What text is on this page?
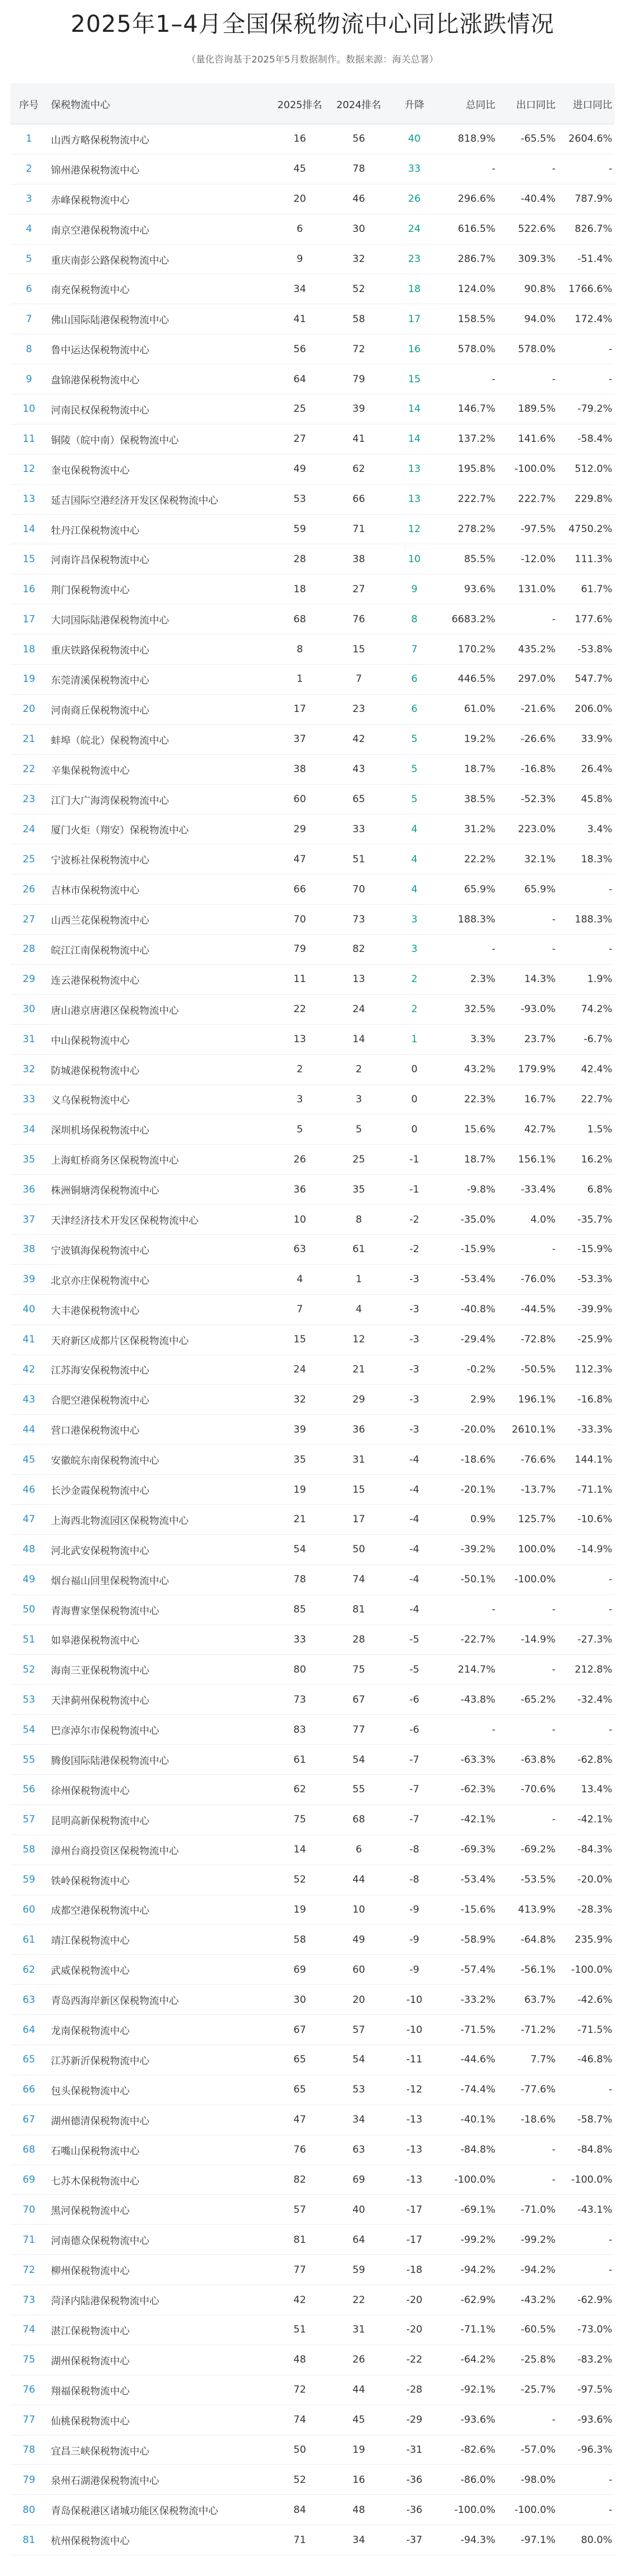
2025年1–4月全国保税物流中心同比涨跌情况
（量化咨询基于2025年5月数据制作。数据来源：海关总署）
序号	保税物流中心	2025排名	2024排名	升降	总同比	出口同比	进口同比
1	山西方略保税物流中心	16	56	40	818.9%	-65.5%	2604.6%
2	锦州港保税物流中心	45	78	33	-	-	-
3	赤峰保税物流中心	20	46	26	296.6%	-40.4%	787.9%
4	南京空港保税物流中心	6	30	24	616.5%	522.6%	826.7%
5	重庆南彭公路保税物流中心	9	32	23	286.7%	309.3%	-51.4%
6	南充保税物流中心	34	52	18	124.0%	90.8%	1766.6%
7	佛山国际陆港保税物流中心	41	58	17	158.5%	94.0%	172.4%
8	鲁中运达保税物流中心	56	72	16	578.0%	578.0%	-
9	盘锦港保税物流中心	64	79	15	-	-	-
10	河南民权保税物流中心	25	39	14	146.7%	189.5%	-79.2%
11	铜陵（皖中南）保税物流中心	27	41	14	137.2%	141.6%	-58.4%
12	奎屯保税物流中心	49	62	13	195.8%	-100.0%	512.0%
13	延吉国际空港经济开发区保税物流中心	53	66	13	222.7%	222.7%	229.8%
14	牡丹江保税物流中心	59	71	12	278.2%	-97.5%	4750.2%
15	河南许昌保税物流中心	28	38	10	85.5%	-12.0%	111.3%
16	荆门保税物流中心	18	27	9	93.6%	131.0%	61.7%
17	大同国际陆港保税物流中心	68	76	8	6683.2%	-	177.6%
18	重庆铁路保税物流中心	8	15	7	170.2%	435.2%	-53.8%
19	东莞清溪保税物流中心	1	7	6	446.5%	297.0%	547.7%
20	河南商丘保税物流中心	17	23	6	61.0%	-21.6%	206.0%
21	蚌埠（皖北）保税物流中心	37	42	5	19.2%	-26.6%	33.9%
22	辛集保税物流中心	38	43	5	18.7%	-16.8%	26.4%
23	江门大广海湾保税物流中心	60	65	5	38.5%	-52.3%	45.8%
24	厦门火炬（翔安）保税物流中心	29	33	4	31.2%	223.0%	3.4%
25	宁波栎社保税物流中心	47	51	4	22.2%	32.1%	18.3%
26	吉林市保税物流中心	66	70	4	65.9%	65.9%	-
27	山西兰花保税物流中心	70	73	3	188.3%	-	188.3%
28	皖江江南保税物流中心	79	82	3	-	-	-
29	连云港保税物流中心	11	13	2	2.3%	14.3%	1.9%
30	唐山港京唐港区保税物流中心	22	24	2	32.5%	-93.0%	74.2%
31	中山保税物流中心	13	14	1	3.3%	23.7%	-6.7%
32	防城港保税物流中心	2	2	0	43.2%	179.9%	42.4%
33	义乌保税物流中心	3	3	0	22.3%	16.7%	22.7%
34	深圳机场保税物流中心	5	5	0	15.6%	42.7%	1.5%
35	上海虹桥商务区保税物流中心	26	25	-1	18.7%	156.1%	16.2%
36	株洲铜塘湾保税物流中心	36	35	-1	-9.8%	-33.4%	6.8%
37	天津经济技术开发区保税物流中心	10	8	-2	-35.0%	4.0%	-35.7%
38	宁波镇海保税物流中心	63	61	-2	-15.9%	-	-15.9%
39	北京亦庄保税物流中心	4	1	-3	-53.4%	-76.0%	-53.3%
40	大丰港保税物流中心	7	4	-3	-40.8%	-44.5%	-39.9%
41	天府新区成都片区保税物流中心	15	12	-3	-29.4%	-72.8%	-25.9%
42	江苏海安保税物流中心	24	21	-3	-0.2%	-50.5%	112.3%
43	合肥空港保税物流中心	32	29	-3	2.9%	196.1%	-16.8%
44	营口港保税物流中心	39	36	-3	-20.0%	2610.1%	-33.3%
45	安徽皖东南保税物流中心	35	31	-4	-18.6%	-76.6%	144.1%
46	长沙金霞保税物流中心	19	15	-4	-20.1%	-13.7%	-71.1%
47	上海西北物流园区保税物流中心	21	17	-4	0.9%	125.7%	-10.6%
48	河北武安保税物流中心	54	50	-4	-39.2%	100.0%	-14.9%
49	烟台福山回里保税物流中心	78	74	-4	-50.1%	-100.0%	-
50	青海曹家堡保税物流中心	85	81	-4	-	-	-
51	如皋港保税物流中心	33	28	-5	-22.7%	-14.9%	-27.3%
52	海南三亚保税物流中心	80	75	-5	214.7%	-	212.8%
53	天津蓟州保税物流中心	73	67	-6	-43.8%	-65.2%	-32.4%
54	巴彦淖尔市保税物流中心	83	77	-6	-	-	-
55	腾俊国际陆港保税物流中心	61	54	-7	-63.3%	-63.8%	-62.8%
56	徐州保税物流中心	62	55	-7	-62.3%	-70.6%	13.4%
57	昆明高新保税物流中心	75	68	-7	-42.1%	-	-42.1%
58	漳州台商投资区保税物流中心	14	6	-8	-69.3%	-69.2%	-84.3%
59	铁岭保税物流中心	52	44	-8	-53.4%	-53.5%	-20.0%
60	成都空港保税物流中心	19	10	-9	-15.6%	413.9%	-28.3%
61	靖江保税物流中心	58	49	-9	-58.9%	-64.8%	235.9%
62	武威保税物流中心	69	60	-9	-57.4%	-56.1%	-100.0%
63	青岛西海岸新区保税物流中心	30	20	-10	-33.2%	63.7%	-42.6%
64	龙南保税物流中心	67	57	-10	-71.5%	-71.2%	-71.5%
65	江苏新沂保税物流中心	65	54	-11	-44.6%	7.7%	-46.8%
66	包头保税物流中心	65	53	-12	-74.4%	-77.6%	-
67	湖州德清保税物流中心	47	34	-13	-40.1%	-18.6%	-58.7%
68	石嘴山保税物流中心	76	63	-13	-84.8%	-	-84.8%
69	七苏木保税物流中心	82	69	-13	-100.0%	-	-100.0%
70	黑河保税物流中心	57	40	-17	-69.1%	-71.0%	-43.1%
71	河南德众保税物流中心	81	64	-17	-99.2%	-99.2%	-
72	柳州保税物流中心	77	59	-18	-94.2%	-94.2%	-
73	菏泽内陆港保税物流中心	42	22	-20	-62.9%	-43.2%	-62.9%
74	湛江保税物流中心	51	31	-20	-71.1%	-60.5%	-73.0%
75	湖州保税物流中心	48	26	-22	-64.2%	-25.8%	-83.2%
76	翔福保税物流中心	72	44	-28	-92.1%	-25.7%	-97.5%
77	仙桃保税物流中心	74	45	-29	-93.6%	-	-93.6%
78	宜昌三峡保税物流中心	50	19	-31	-82.6%	-57.0%	-96.3%
79	泉州石湖港保税物流中心	52	16	-36	-86.0%	-98.0%	-
80	青岛保税港区诸城功能区保税物流中心	84	48	-36	-100.0%	-100.0%	-
81	杭州保税物流中心	71	34	-37	-94.3%	-97.1%	80.0%
